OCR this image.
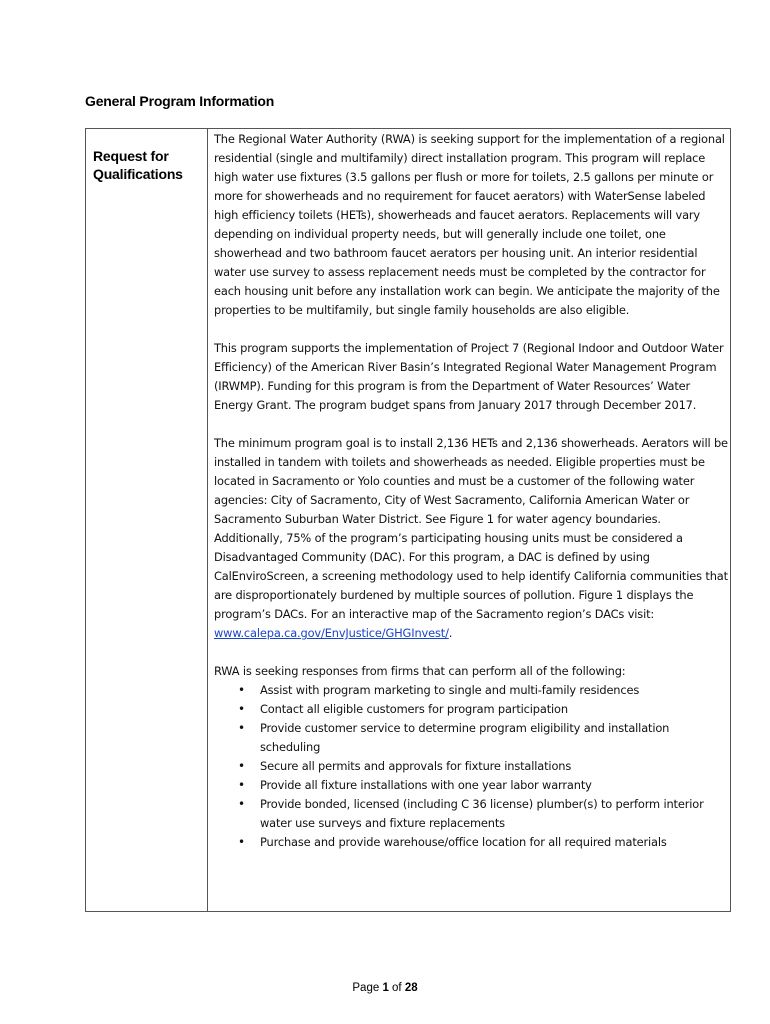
General Program Information
Request for Qualifications

The Regional Water Authority (RWA) is seeking support for the implementation of a regional residential (single and multifamily) direct installation program. This program will replace high water use fixtures (3.5 gallons per flush or more for toilets, 2.5 gallons per minute or more for showerheads and no requirement for faucet aerators) with WaterSense labeled high efficiency toilets (HETs), showerheads and faucet aerators. Replacements will vary depending on individual property needs, but will generally include one toilet, one showerhead and two bathroom faucet aerators per housing unit. An interior residential water use survey to assess replacement needs must be completed by the contractor for each housing unit before any installation work can begin. We anticipate the majority of the properties to be multifamily, but single family households are also eligible.

This program supports the implementation of Project 7 (Regional Indoor and Outdoor Water Efficiency) of the American River Basin’s Integrated Regional Water Management Program (IRWMP). Funding for this program is from the Department of Water Resources’ Water Energy Grant. The program budget spans from January 2017 through December 2017.

The minimum program goal is to install 2,136 HETs and 2,136 showerheads. Aerators will be installed in tandem with toilets and showerheads as needed. Eligible properties must be located in Sacramento or Yolo counties and must be a customer of the following water agencies: City of Sacramento, City of West Sacramento, California American Water or Sacramento Suburban Water District. See Figure 1 for water agency boundaries. Additionally, 75% of the program’s participating housing units must be considered a Disadvantaged Community (DAC). For this program, a DAC is defined by using CalEnviroScreen, a screening methodology used to help identify California communities that are disproportionately burdened by multiple sources of pollution. Figure 1 displays the program’s DACs. For an interactive map of the Sacramento region’s DACs visit: www.calepa.ca.gov/EnvJustice/GHGInvest/.

RWA is seeking responses from firms that can perform all of the following:

• Assist with program marketing to single and multi-family residences
• Contact all eligible customers for program participation
• Provide customer service to determine program eligibility and installation scheduling
• Secure all permits and approvals for fixture installations
• Provide all fixture installations with one year labor warranty
• Provide bonded, licensed (including C 36 license) plumber(s) to perform interior water use surveys and fixture replacements
• Purchase and provide warehouse/office location for all required materials
Page 1 of 28
